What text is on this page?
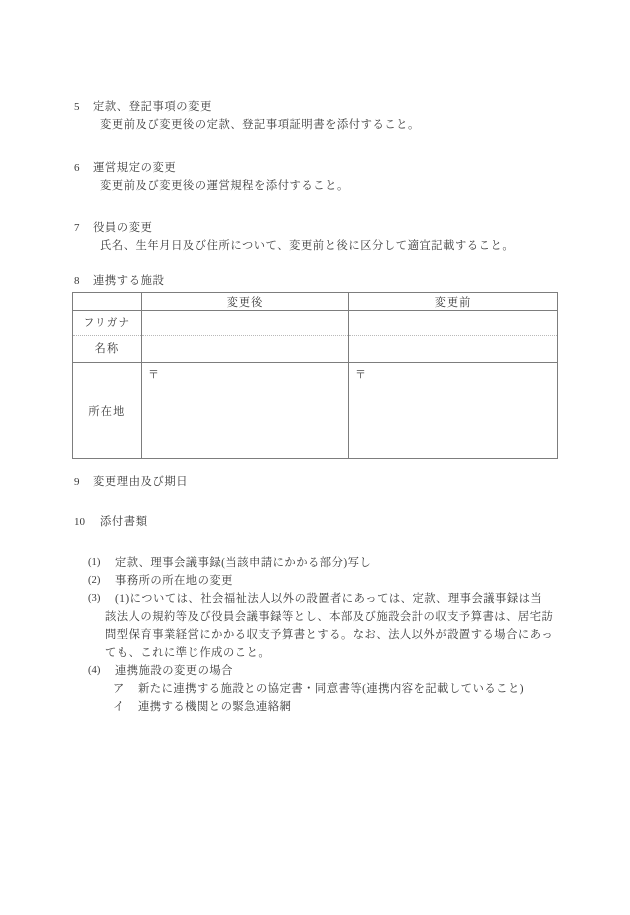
5 定款、登記事項の変更
変更前及び変更後の定款、登記事項証明書を添付すること。
6 運営規定の変更
変更前及び変更後の運営規程を添付すること。
7 役員の変更
氏名、生年月日及び住所について、変更前と後に区分して適宜記載すること。
8 連携する施設
	変更後	変更前

フリガナ
名称		

所在地	〒	〒
9 変更理由及び期日
10 添付書類
(1) 定款、理事会議事録(当該申請にかかる部分)写し
(2) 事務所の所在地の変更
(3) (1)については、社会福祉法人以外の設置者にあっては、定款、理事会議事録は当
該法人の規約等及び役員会議事録等とし、本部及び施設会計の収支予算書は、居宅訪
問型保育事業経営にかかる収支予算書とする。なお、法人以外が設置する場合にあっ
ても、これに準じ作成のこと。
(4) 連携施設の変更の場合
ア 新たに連携する施設との協定書・同意書等(連携内容を記載していること)
イ 連携する機関との緊急連絡網
